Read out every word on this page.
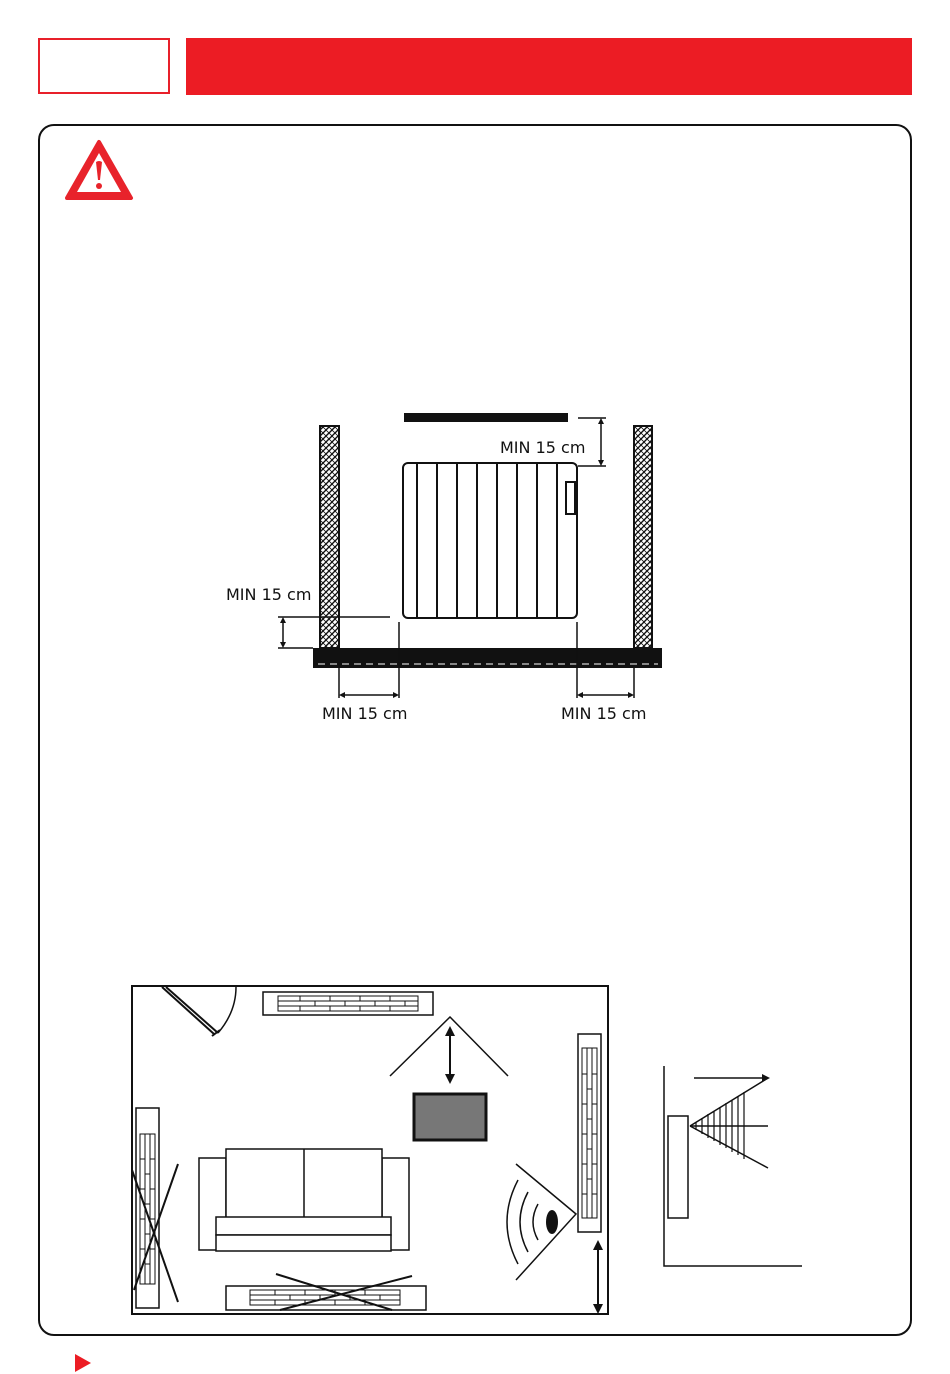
MIN 15 cm
MIN 15 cm
MIN 15 cm	MIN 15 cm
